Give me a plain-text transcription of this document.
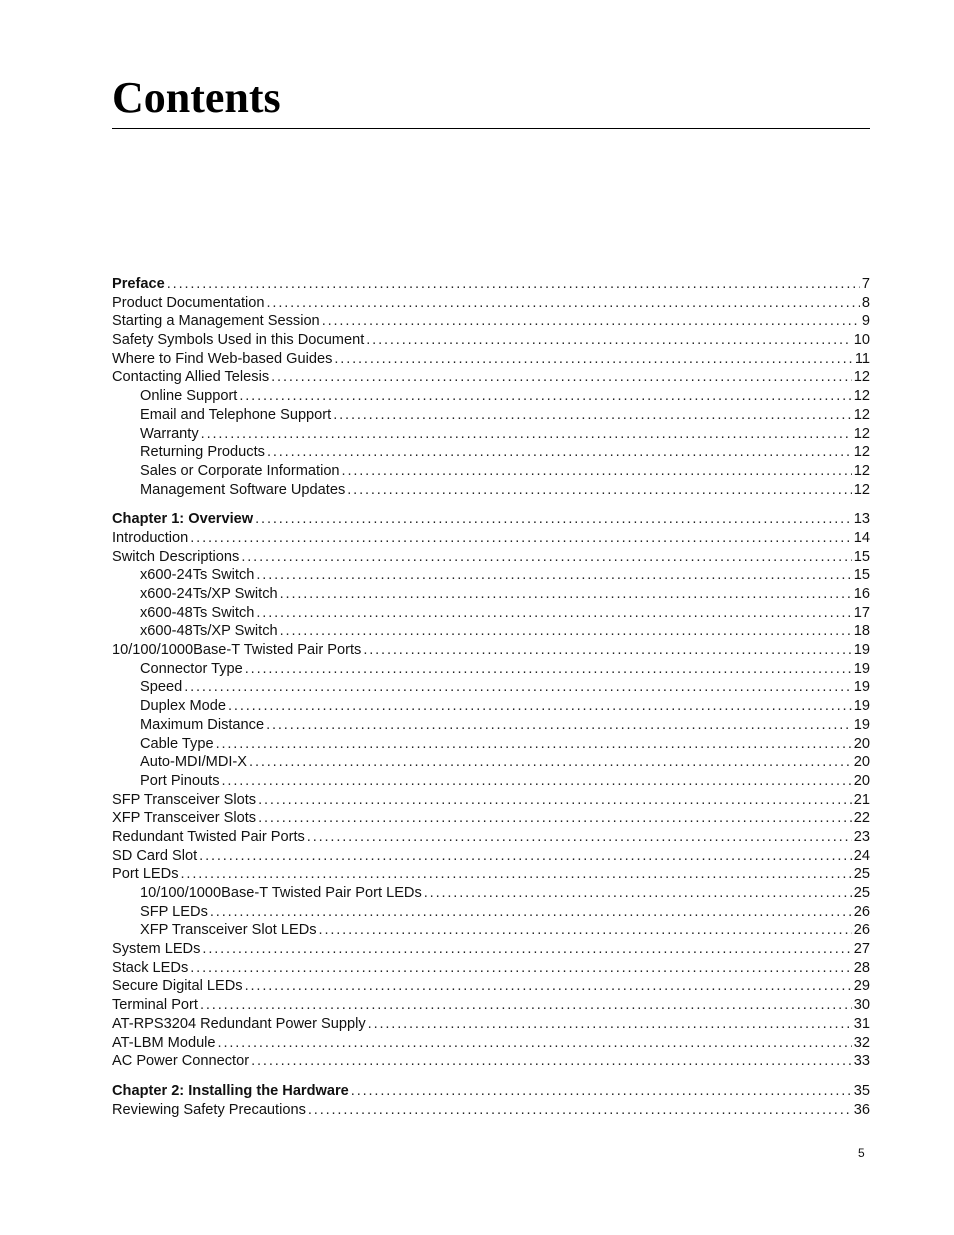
Contents
Preface . . .	7
Product Documentation . . .	8
Starting a Management Session . . .	9
Safety Symbols Used in this Document . . .	10
Where to Find Web-based Guides . . .	11
Contacting Allied Telesis . . .	12
Online Support . . .	12
Email and Telephone Support . . .	12
Warranty . . .	12
Returning Products . . .	12
Sales or Corporate Information . . .	12
Management Software Updates . . .	12
Chapter 1: Overview . . .	13
Introduction . . .	14
Switch Descriptions . . .	15
x600-24Ts Switch . . .	15
x600-24Ts/XP Switch . . .	16
x600-48Ts Switch . . .	17
x600-48Ts/XP Switch . . .	18
10/100/1000Base-T Twisted Pair Ports . . .	19
Connector Type . . .	19
Speed . . .	19
Duplex Mode . . .	19
Maximum Distance . . .	19
Cable Type . . .	20
Auto-MDI/MDI-X . . .	20
Port Pinouts . . .	20
SFP Transceiver Slots . . .	21
XFP Transceiver Slots . . .	22
Redundant Twisted Pair Ports . . .	23
SD Card Slot . . .	24
Port LEDs . . .	25
10/100/1000Base-T Twisted Pair Port LEDs . . .	25
SFP LEDs . . .	26
XFP Transceiver Slot LEDs . . .	26
System LEDs . . .	27
Stack LEDs . . .	28
Secure Digital LEDs . . .	29
Terminal Port . . .	30
AT-RPS3204 Redundant Power Supply . . .	31
AT-LBM Module . . .	32
AC Power Connector . . .	33
Chapter 2: Installing the Hardware . . .	35
Reviewing Safety Precautions . . .	36
5
